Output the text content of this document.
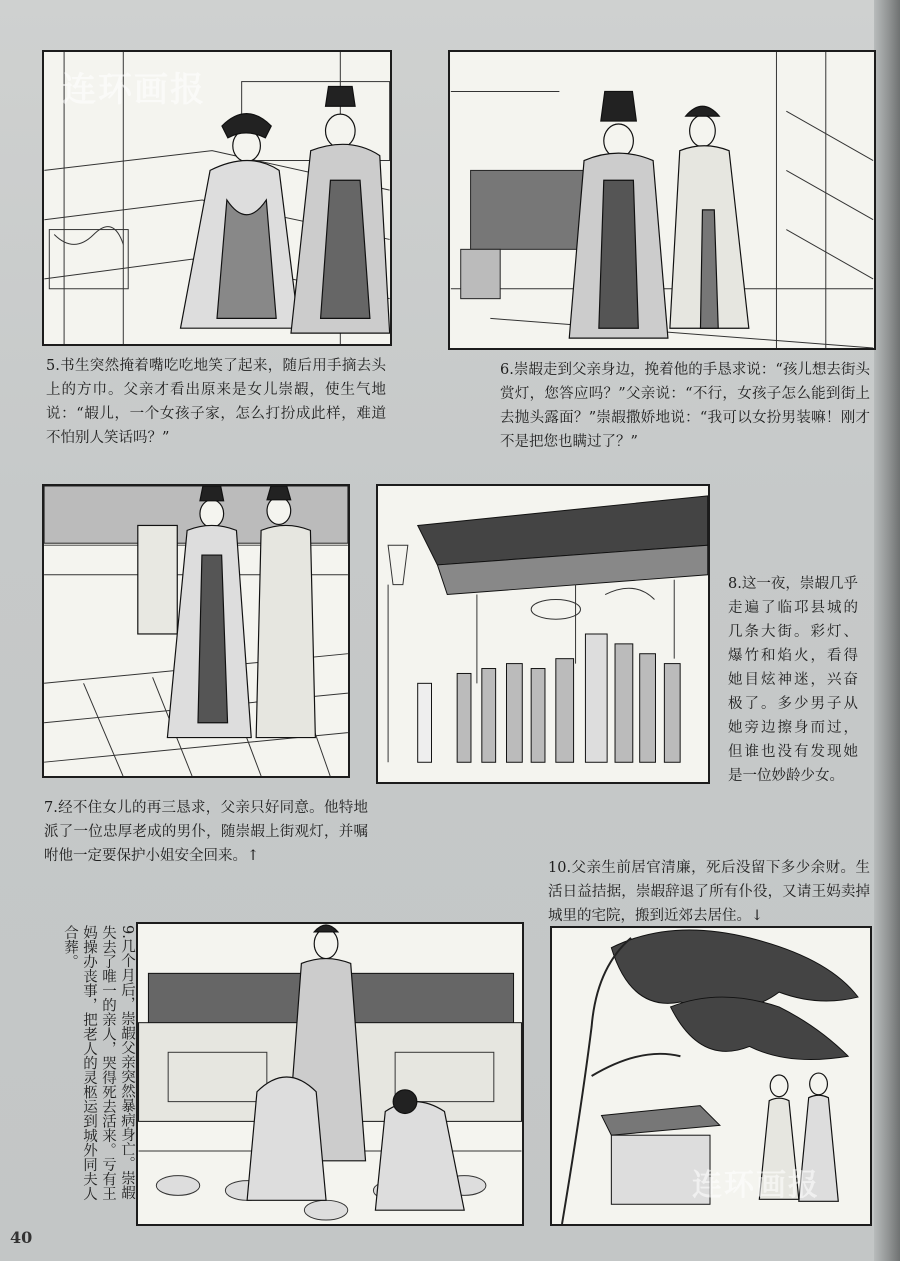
连环画报
5.书生突然掩着嘴吃吃地笑了起来，随后用手摘去头上的方巾。父亲才看出原来是女儿崇嘏，使生气地说：“嘏儿，一个女孩子家，怎么打扮成此样，难道不怕别人笑话吗？”
6.崇嘏走到父亲身边，挽着他的手恳求说：“孩儿想去街头赏灯，您答应吗？”父亲说：“不行，女孩子怎么能到街上去抛头露面？”崇嘏撒娇地说：“我可以女扮男装嘛！刚才不是把您也瞒过了？”
7.经不住女儿的再三恳求，父亲只好同意。他特地派了一位忠厚老成的男仆，随崇嘏上街观灯，并嘱咐他一定要保护小姐安全回来。↑
8.这一夜，崇嘏几乎走遍了临邛县城的几条大街。彩灯、爆竹和焰火，看得她目炫神迷，兴奋极了。多少男子从她旁边擦身而过，但谁也没有发现她是一位妙龄少女。
10.父亲生前居官清廉，死后没留下多少余财。生活日益拮据，崇嘏辞退了所有仆役，又请王妈卖掉城里的宅院，搬到近郊去居住。↓
9.几个月后，崇嘏父亲突然暴病身亡。崇嘏失去了唯一的亲人，哭得死去活来。亏有王妈操办丧事，把老人的灵柩运到城外同夫人合葬。
连环画报
40
